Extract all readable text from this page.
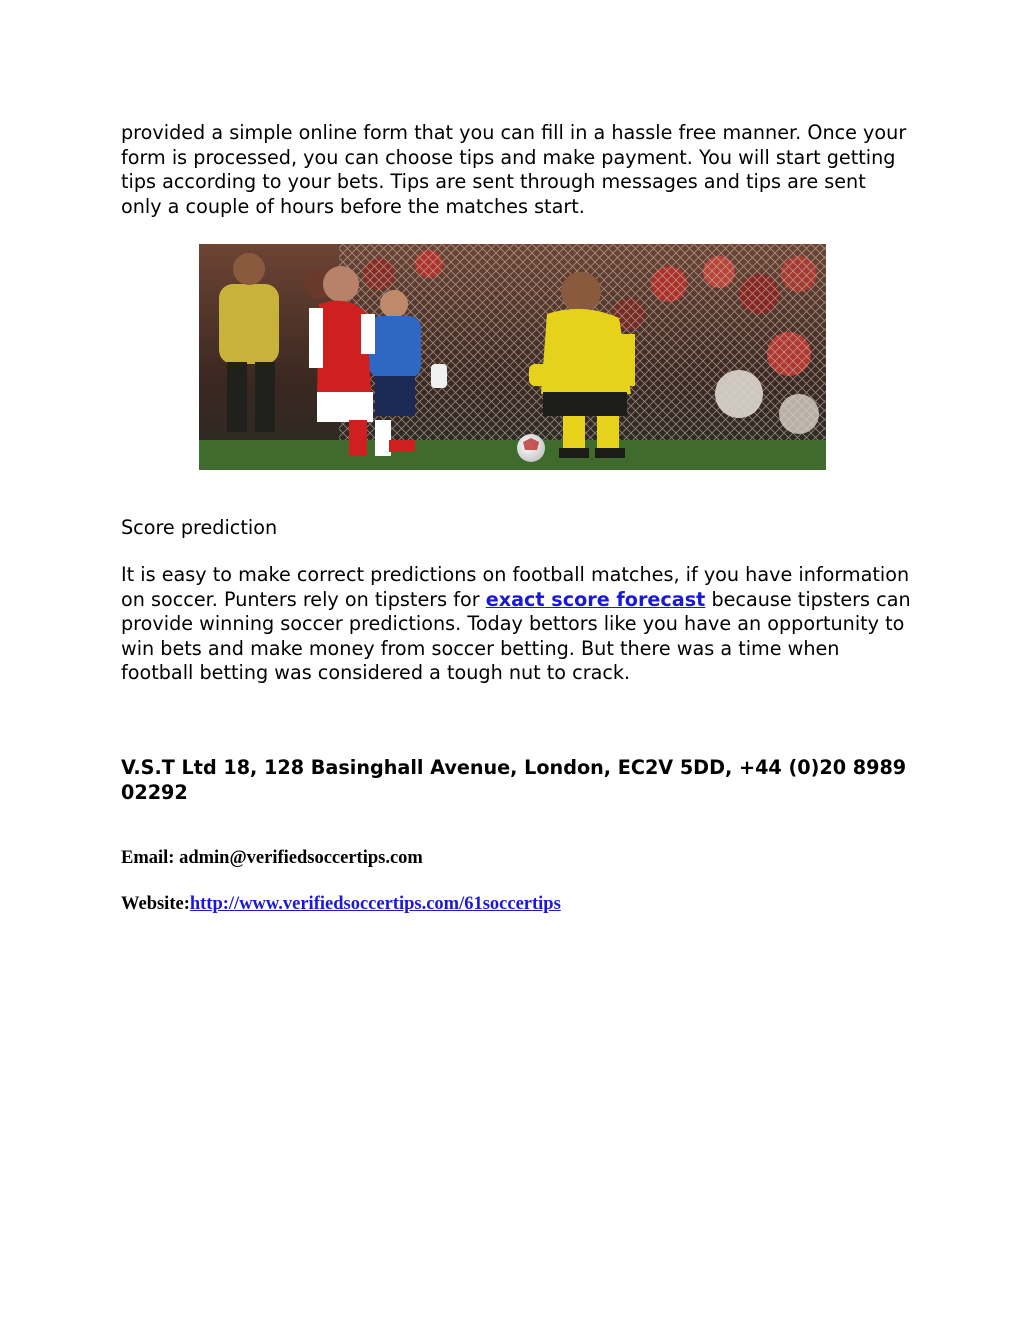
provided a simple online form that you can fill in a hassle free manner. Once your form is processed, you can choose tips and make payment. You will start getting tips according to your bets. Tips are sent through messages and tips are sent only a couple of hours before the matches start.

Score prediction

It is easy to make correct predictions on football matches, if you have information on soccer. Punters rely on tipsters for exact score forecast because tipsters can provide winning soccer predictions. Today bettors like you have an opportunity to win bets and make money from soccer betting. But there was a time when football betting was considered a tough nut to crack.

V.S.T Ltd 18, 128 Basinghall Avenue, London, EC2V 5DD, +44 (0)20 8989 02292

Email: admin@verifiedsoccertips.com

Website:http://www.verifiedsoccertips.com/61soccertips
